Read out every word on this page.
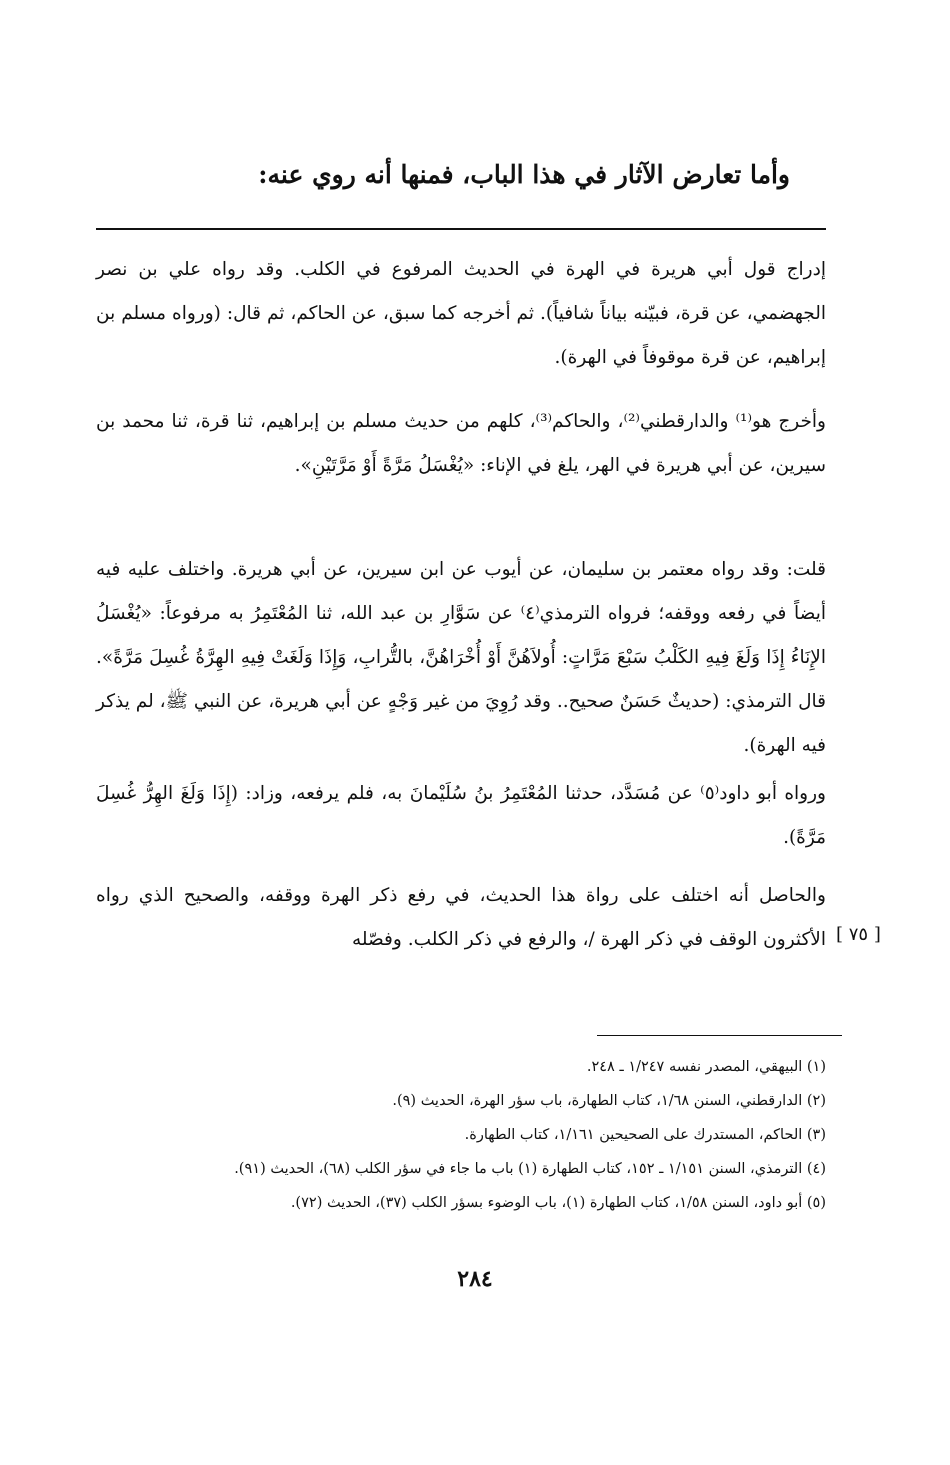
وأما تعارض الآثار في هذا الباب، فمنها أنه روي عنه:
إدراج قول أبي هريرة في الهرة في الحديث المرفوع في الكلب. وقد رواه علي بن نصر الجهضمي، عن قرة، فبيّنه بياناً شافياً). ثم أخرجه كما سبق، عن الحاكم، ثم قال: (ورواه مسلم بن إبراهيم، عن قرة موقوفاً في الهرة).
وأخرج هو⁽¹⁾ والدارقطني⁽²⁾، والحاكم⁽³⁾، كلهم من حديث مسلم بن إبراهيم، ثنا قرة، ثنا محمد بن سيرين، عن أبي هريرة في الهر، يلغ في الإناء: «يُغْسَلُ مَرَّةً أَوْ مَرَّتَيْنِ».
قلت: وقد رواه معتمر بن سليمان، عن أيوب عن ابن سيرين، عن أبي هريرة. واختلف عليه فيه أيضاً في رفعه ووقفه؛ فرواه الترمذي⁽٤⁾ عن سَوَّارِ بن عبد الله، ثنا المُعْتَمِرُ به مرفوعاً: «يُغْسَلُ الإِنَاءُ إِذَا وَلَغَ فِيهِ الكَلْبُ سَبْعَ مَرَّاتٍ: أُولاَهُنَّ أَوْ أُخْرَاهُنَّ، بالتُّرابِ، وَإِذَا وَلَغَتْ فِيهِ الهِرَّةُ غُسِلَ مَرَّةً». قال الترمذي: (حديثٌ حَسَنٌ صحيح.. وقد رُوِيَ من غير وَجْهٍ عن أبي هريرة، عن النبي ﷺ، لم يذكر فيه الهرة).
ورواه أبو داود⁽٥⁾ عن مُسَدَّد، حدثنا المُعْتَمِرُ بنُ سُلَيْمانَ به، فلم يرفعه، وزاد: (إِذَا وَلَغَ الهِرُّ غُسِلَ مَرَّةً).
والحاصل أنه اختلف على رواة هذا الحديث، في رفع ذكر الهرة ووقفه، والصحيح الذي رواه الأكثرون الوقف في ذكر الهرة /، والرفع في ذكر الكلب. وفصّله [ ٧٥ ]
(١) البيهقي، المصدر نفسه ١/٢٤٧ ـ ٢٤٨.
(٢) الدارقطني، السنن ١/٦٨، كتاب الطهارة، باب سؤر الهرة، الحديث (٩).
(٣) الحاكم، المستدرك على الصحيحين ١/١٦١، كتاب الطهارة.
(٤) الترمذي، السنن ١/١٥١ ـ ١٥٢، كتاب الطهارة (١) باب ما جاء في سؤر الكلب (٦٨)، الحديث (٩١).
(٥) أبو داود، السنن ١/٥٨، كتاب الطهارة (١)، باب الوضوء بسؤر الكلب (٣٧)، الحديث (٧٢).
٢٨٤
